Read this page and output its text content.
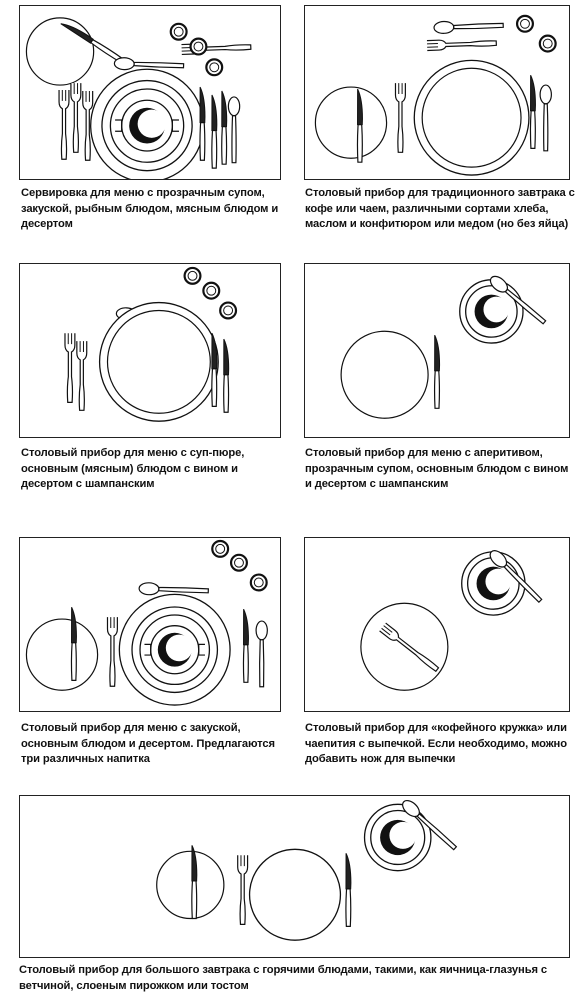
Сервировка для меню с прозрачным супом, закуской, рыбным блюдом, мясным блюдом и десертом
Столовый прибор для традиционного завтрака с кофе или чаем, различными сортами хлеба, маслом и конфитюром или медом (но без яйца)
Столовый прибор для меню с суп-пюре, основным (мясным) блюдом с вином и десертом с шампанским
Столовый прибор для меню с аперитивом, прозрачным супом, основным блюдом с вином и десертом с шампанским
Столовый прибор для меню с закуской, основным блюдом и десертом. Предлагаются три различных напитка
Столовый прибор для «кофейного кружка» или чаепития с выпечкой. Если необходимо, можно добавить нож для выпечки
Столовый прибор для большого завтрака с горячими блюдами, такими, как яичница-глазунья с ветчиной, слоеным пирожком или тостом
